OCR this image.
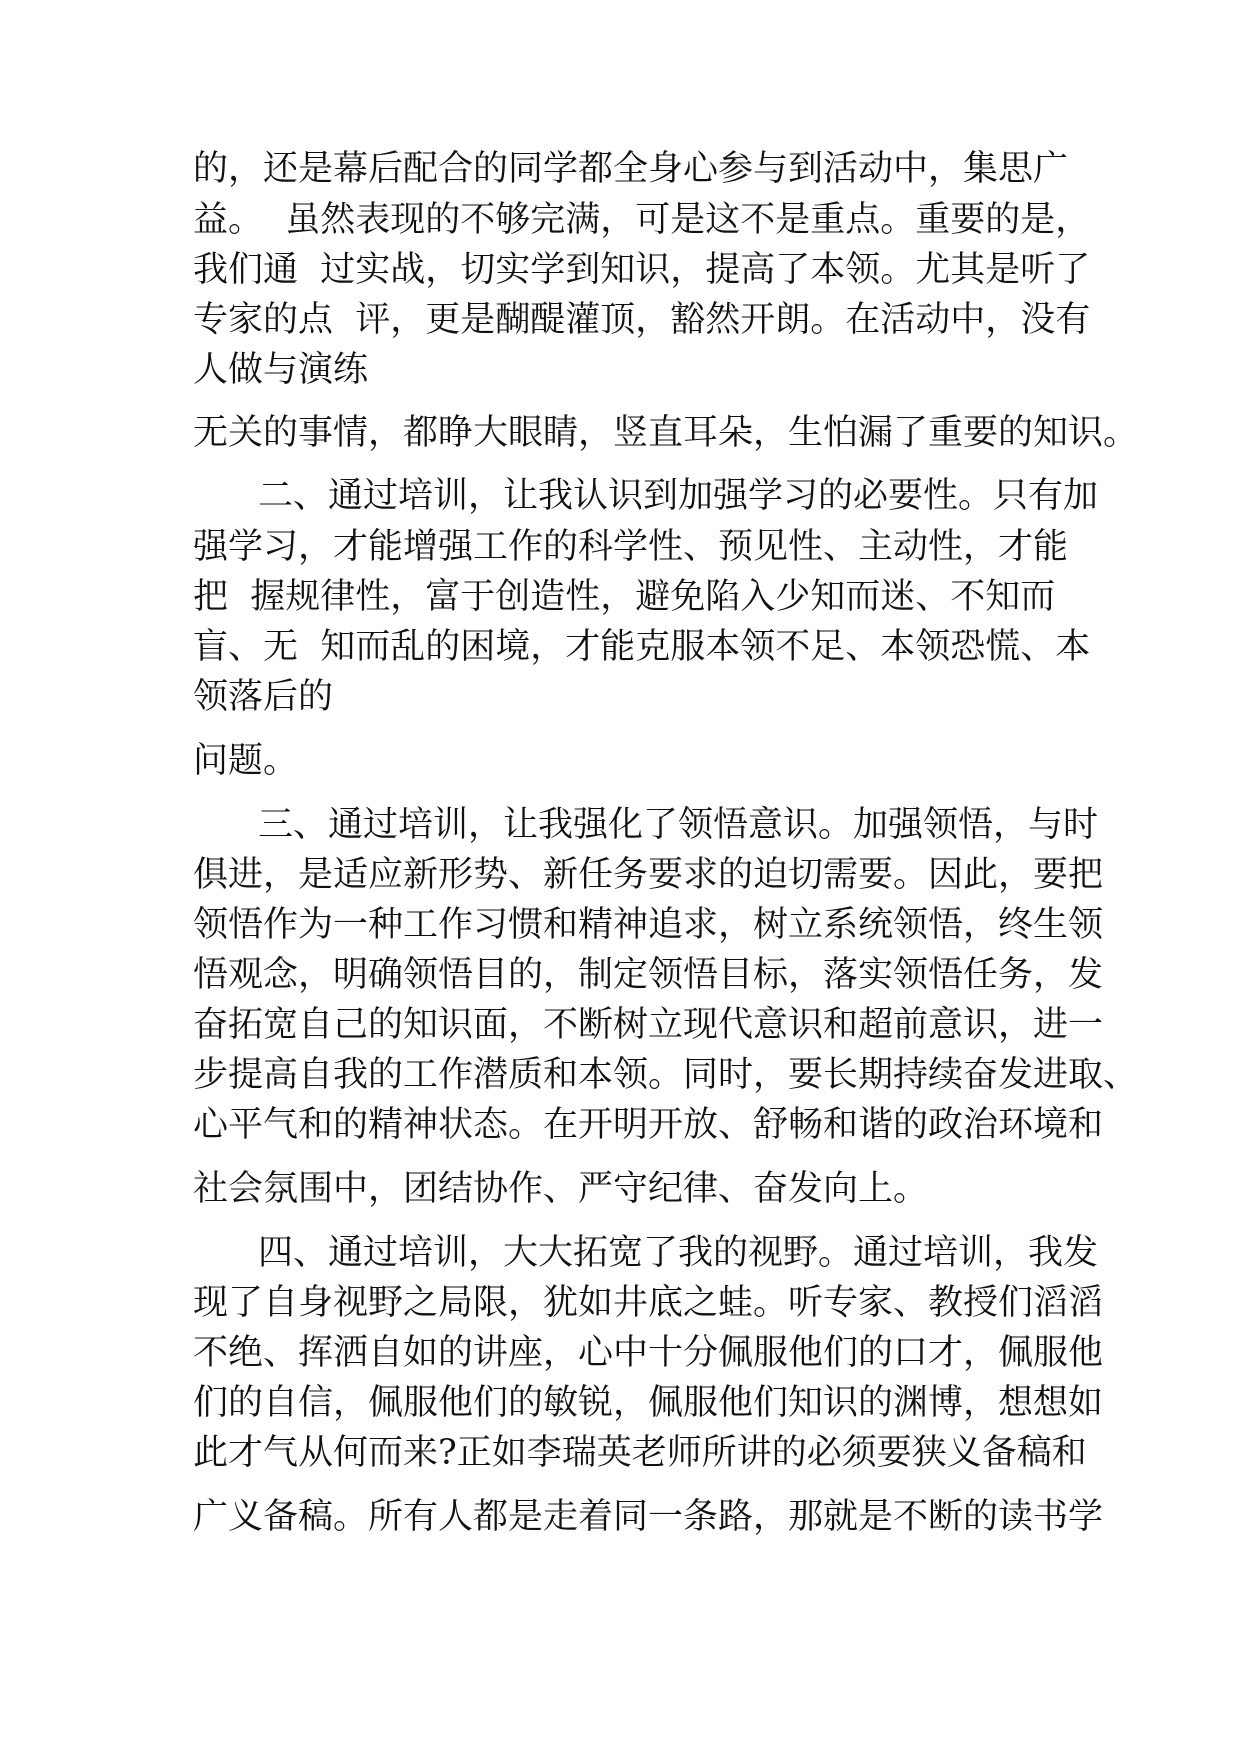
的，还是幕后配合的同学都全身心参与到活动中，集思广
益。  虽然表现的不够完满，可是这不是重点。重要的是，
我们通  过实战，切实学到知识，提高了本领。尤其是听了
专家的点  评，更是醐醍灌顶，豁然开朗。在活动中，没有
人做与演练
无关的事情，都睁大眼睛，竖直耳朵，生怕漏了重要的知识。
二、通过培训，让我认识到加强学习的必要性。只有加
强学习，才能增强工作的科学性、预见性、主动性，才能
把  握规律性，富于创造性，避免陷入少知而迷、不知而
盲、无  知而乱的困境，才能克服本领不足、本领恐慌、本
领落后的
问题。
三、通过培训，让我强化了领悟意识。加强领悟，与时
俱进，是适应新形势、新任务要求的迫切需要。因此，要把
领悟作为一种工作习惯和精神追求，树立系统领悟，终生领
悟观念，明确领悟目的，制定领悟目标，落实领悟任务，发
奋拓宽自己的知识面，不断树立现代意识和超前意识，进一
步提高自我的工作潜质和本领。同时，要长期持续奋发进取、
心平气和的精神状态。在开明开放、舒畅和谐的政治环境和
社会氛围中，团结协作、严守纪律、奋发向上。
四、通过培训，大大拓宽了我的视野。通过培训，我发
现了自身视野之局限，犹如井底之蛙。听专家、教授们滔滔
不绝、挥洒自如的讲座，心中十分佩服他们的口才，佩服他
们的自信，佩服他们的敏锐，佩服他们知识的渊博，想想如
此才气从何而来?正如李瑞英老师所讲的必须要狭义备稿和
广义备稿。所有人都是走着同一条路，那就是不断的读书学
